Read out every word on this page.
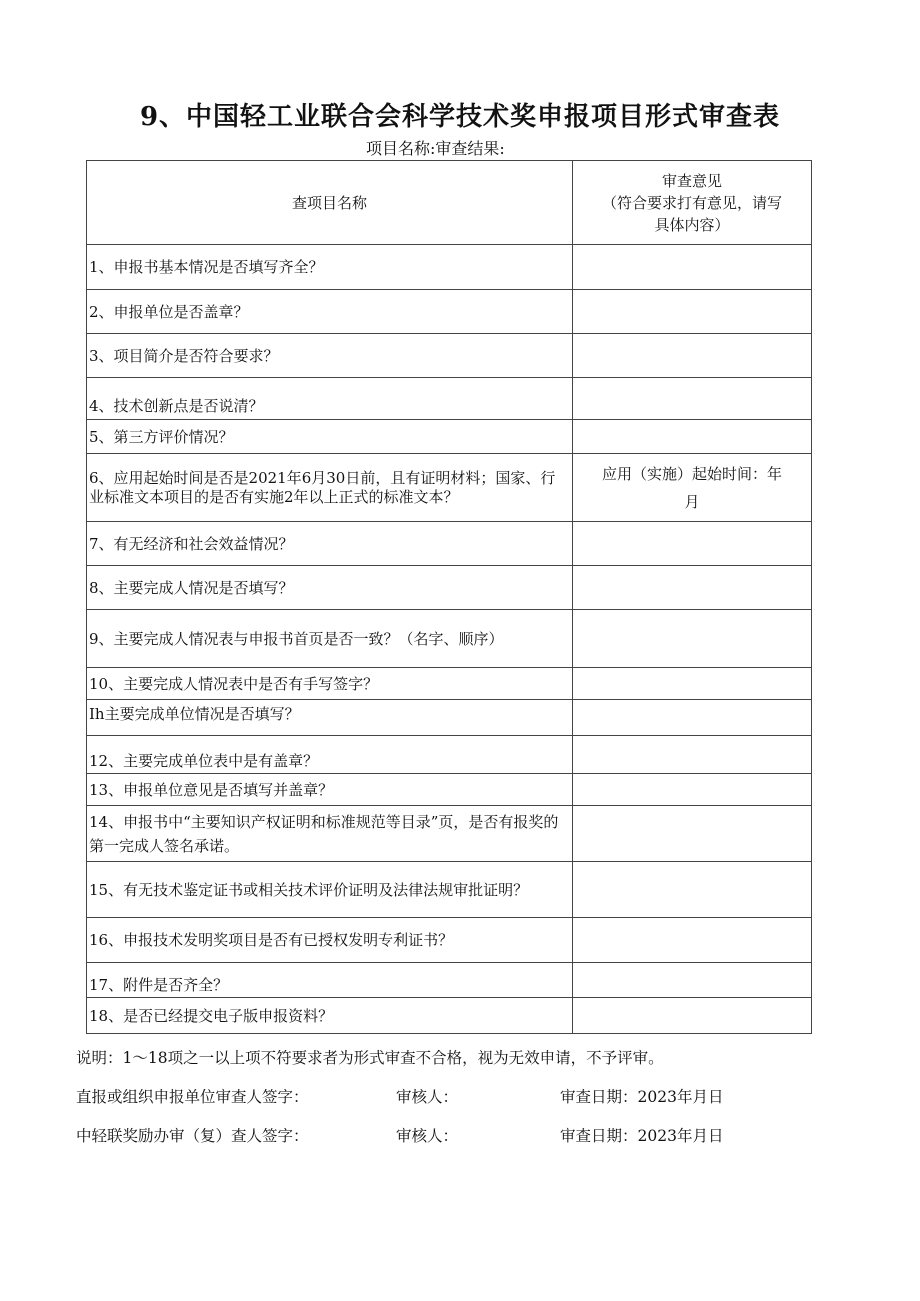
9、中国轻工业联合会科学技术奖申报项目形式审查表
项目名称:审查结果:
查项目名称	审查意见
（符合要求打有意见，请写
具体内容）

1、申报书基本情况是否填写齐全？	
2、申报单位是否盖章？	
3、项目简介是否符合要求？	
4、技术创新点是否说清？	
5、第三方评价情况？	
6、应用起始时间是否是2021年6月30日前，且有证明材料；国家、行业标准文本项目的是否有实施2年以上正式的标准文本？	应用（实施）起始时间：年
月

7、有无经济和社会效益情况？	
8、主要完成人情况是否填写？	
9、主要完成人情况表与申报书首页是否一致？（名字、顺序）	
10、主要完成人情况表中是否有手写签字？	
Ih主要完成单位情况是否填写？	
12、主要完成单位表中是有盖章？	
13、申报单位意见是否填写并盖章？	
14、申报书中“主要知识产权证明和标准规范等目录”页，是否有报奖的第一完成人签名承诺。	
15、有无技术鉴定证书或相关技术评价证明及法律法规审批证明？	
16、申报技术发明奖项目是否有已授权发明专利证书？	
17、附件是否齐全？	
18、是否已经提交电子版申报资料？	
说明：1～18项之一以上项不符要求者为形式审查不合格，视为无效申请，不予评审。
直报或组织申报单位审查人签字：	审核人：	审查日期：2023年月日
中轻联奖励办审（复）查人签字：	审核人：	审查日期：2023年月日
